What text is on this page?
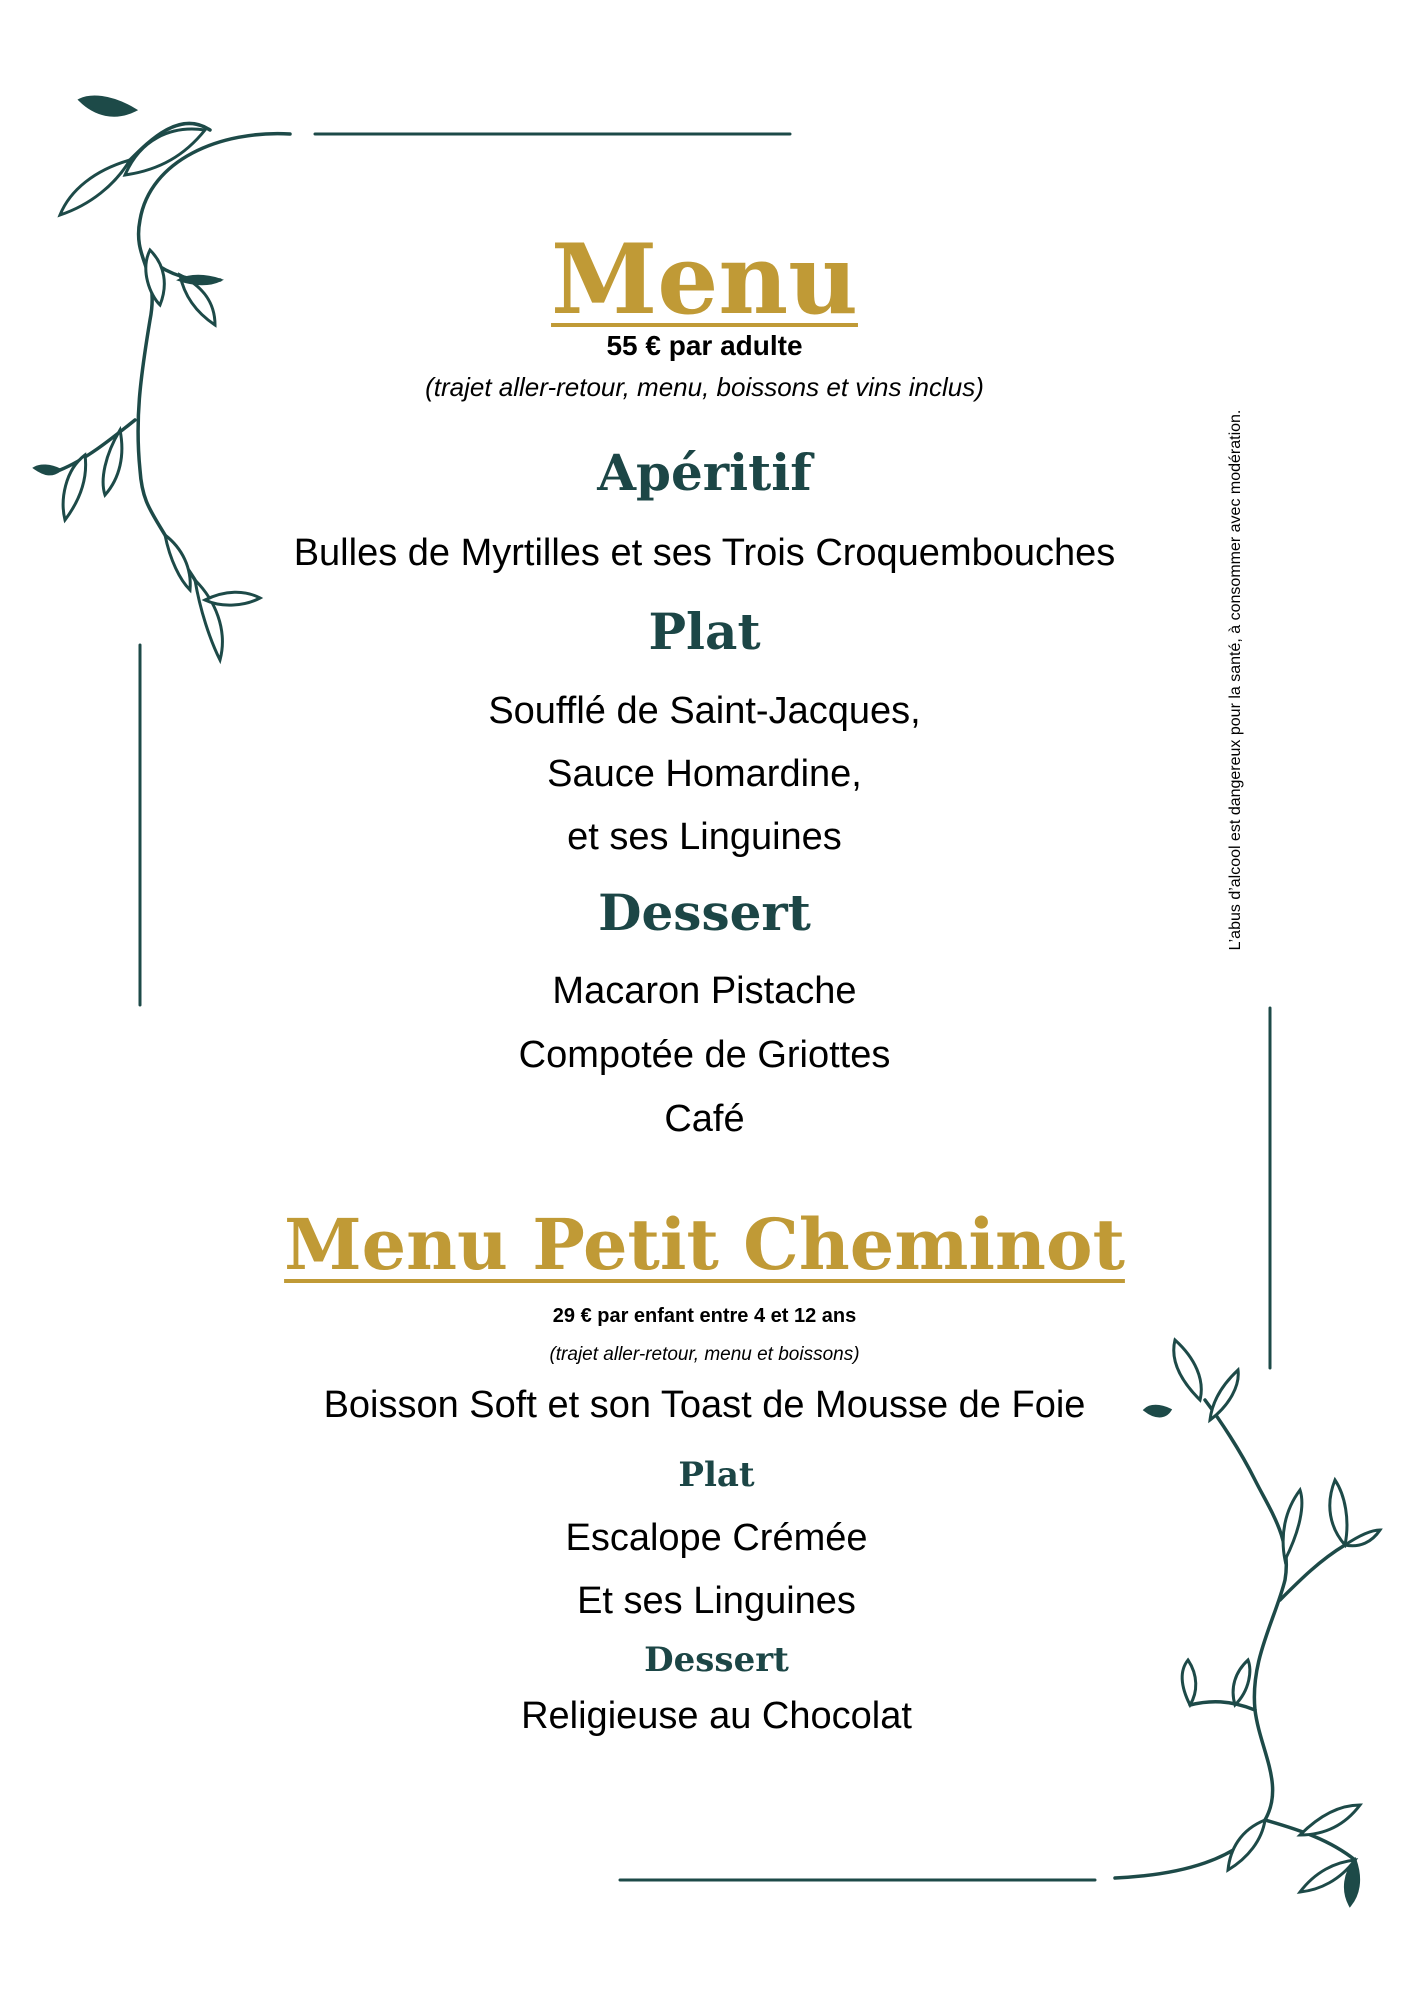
Menu
55 € par adulte
(trajet aller-retour, menu, boissons et vins inclus)
Apéritif
Bulles de Myrtilles et ses Trois Croquembouches
Plat
Soufflé de Saint-Jacques,
Sauce Homardine,
et ses Linguines
Dessert
Macaron Pistache
Compotée de Griottes
Café
Menu Petit Cheminot
29 € par enfant entre 4 et 12 ans
(trajet aller-retour, menu et boissons)
Boisson Soft et son Toast de Mousse de Foie
Plat
Escalope Crémée
Et ses Linguines
Dessert
Religieuse au Chocolat
L’abus d’alcool est dangereux pour la santé, à consommer avec modération.
